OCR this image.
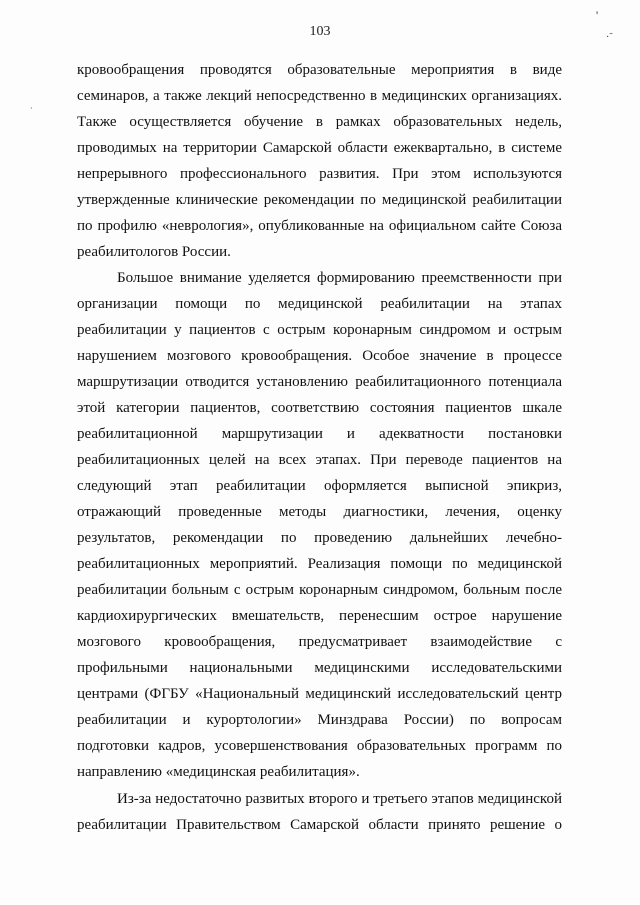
103
'
·˜
·
кровообращения проводятся образовательные мероприятия в виде
семинаров, а также лекций непосредственно в медицинских организациях.
Также осуществляется обучение в рамках образовательных недель,
проводимых на территории Самарской области ежеквартально, в системе
непрерывного профессионального развития. При этом используются
утвержденные клинические рекомендации по медицинской реабилитации
по профилю «неврология», опубликованные на официальном сайте Союза
реабилитологов России.
Большое внимание уделяется формированию преемственности при
организации помощи по медицинской реабилитации на этапах
реабилитации у пациентов с острым коронарным синдромом и острым
нарушением мозгового кровообращения. Особое значение в процессе
маршрутизации отводится установлению реабилитационного потенциала
этой категории пациентов, соответствию состояния пациентов шкале
реабилитационной маршрутизации и адекватности постановки
реабилитационных целей на всех этапах. При переводе пациентов на
следующий этап реабилитации оформляется выписной эпикриз,
отражающий проведенные методы диагностики, лечения, оценку
результатов, рекомендации по проведению дальнейших лечебно-
реабилитационных мероприятий. Реализация помощи по медицинской
реабилитации больным с острым коронарным синдромом, больным после
кардиохирургических вмешательств, перенесшим острое нарушение
мозгового кровообращения, предусматривает взаимодействие с
профильными национальными медицинскими исследовательскими
центрами (ФГБУ «Национальный медицинский исследовательский центр
реабилитации и курортологии» Минздрава России) по вопросам
подготовки кадров, усовершенствования образовательных программ по
направлению «медицинская реабилитация».
Из-за недостаточно развитых второго и третьего этапов медицинской
реабилитации Правительством Самарской области принято решение о
